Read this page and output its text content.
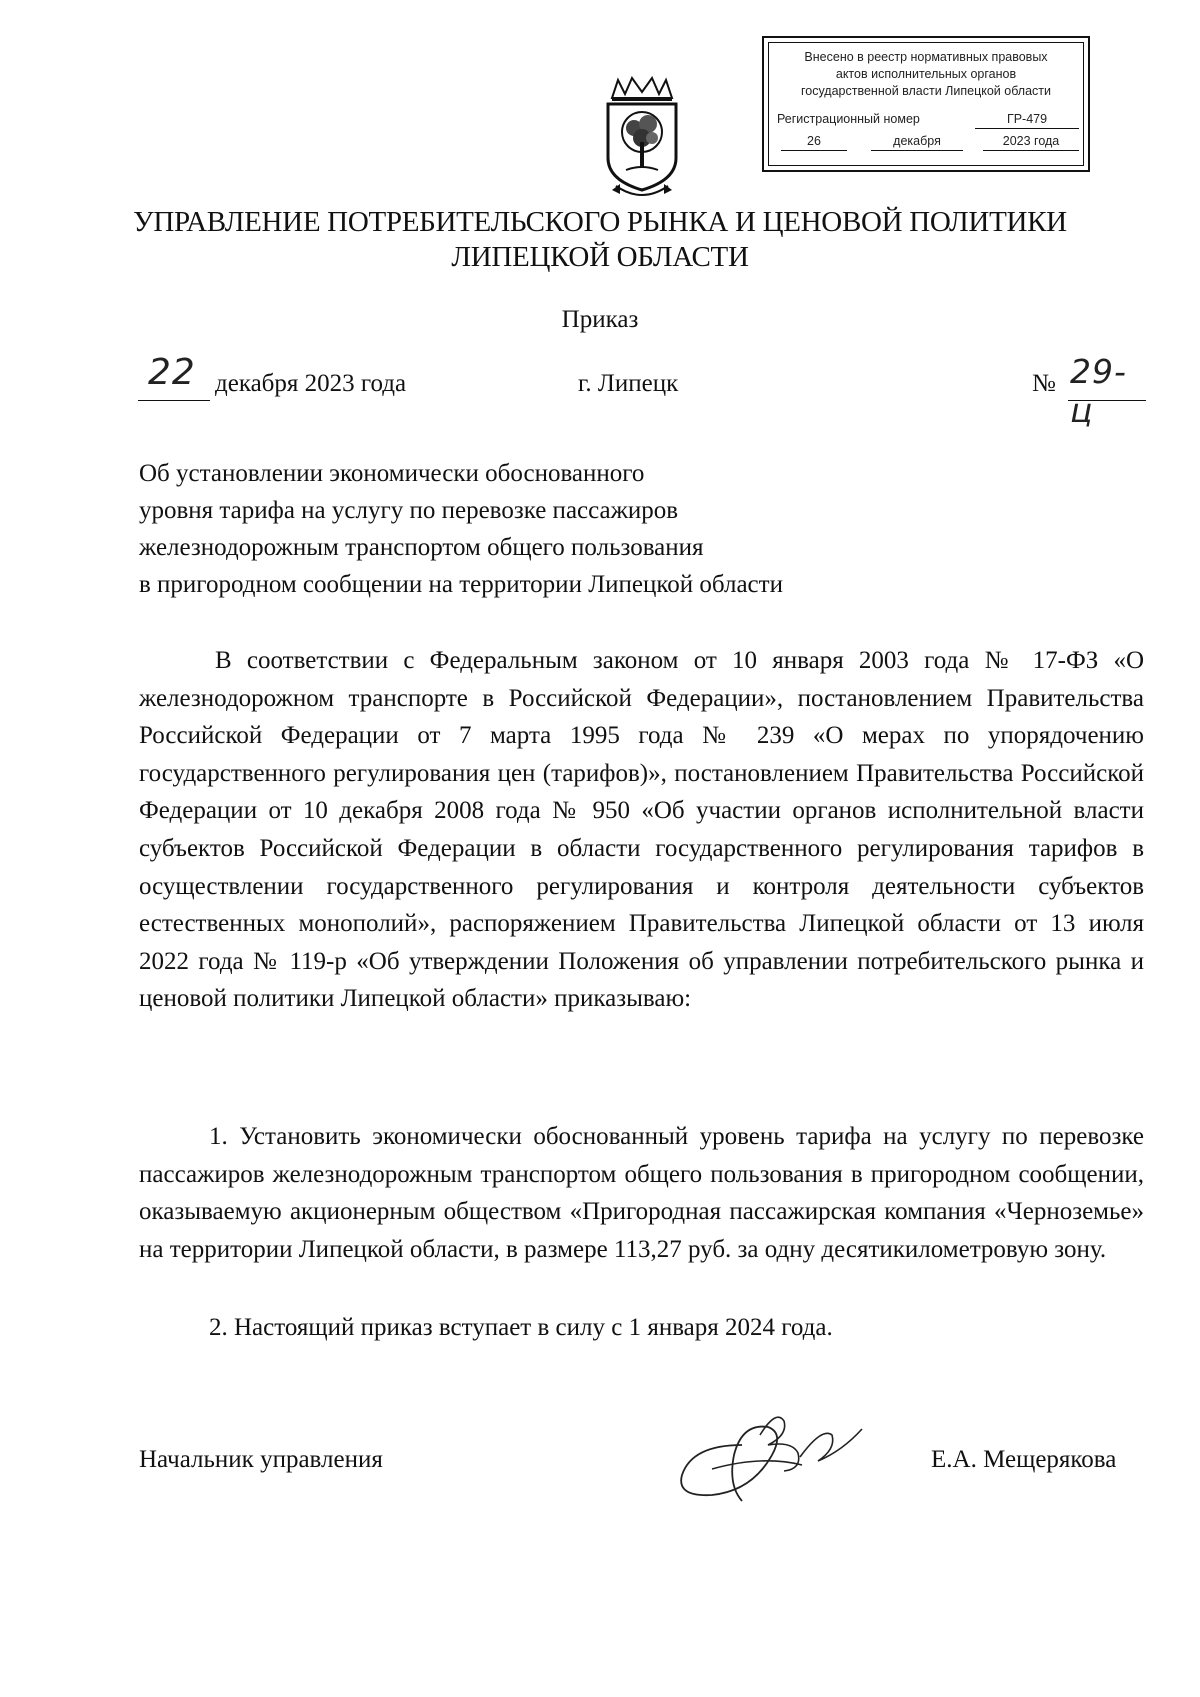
Внесено в реестр нормативных правовых
актов исполнительных органов
государственной власти Липецкой области
Регистрационный номер	ГР-479
26	декабря	2023 года
УПРАВЛЕНИЕ ПОТРЕБИТЕЛЬСКОГО РЫНКА И ЦЕНОВОЙ ПОЛИТИКИ
ЛИПЕЦКОЙ ОБЛАСТИ
Приказ
22 декабря 2023 года	г. Липецк	№ 29-ц
Об установлении экономически обоснованного
уровня тарифа на услугу по перевозке пассажиров
железнодорожным транспортом общего пользования
в пригородном сообщении на территории Липецкой области
В соответствии с Федеральным законом от 10 января 2003 года № 17-ФЗ «О железнодорожном транспорте в Российской Федерации», постановлением Правительства Российской Федерации от 7 марта 1995 года № 239 «О мерах по упорядочению государственного регулирования цен (тарифов)», постановлением Правительства Российской Федерации от 10 декабря 2008 года № 950 «Об участии органов исполнительной власти субъектов Российской Федерации в области государственного регулирования тарифов в осуществлении государственного регулирования и контроля деятельности субъектов естественных монополий», распоряжением Правительства Липецкой области от 13 июля 2022 года № 119-р «Об утверждении Положения об управлении потребительского рынка и ценовой политики Липецкой области» приказываю:
1. Установить экономически обоснованный уровень тарифа на услугу по перевозке пассажиров железнодорожным транспортом общего пользования в пригородном сообщении, оказываемую акционерным обществом «Пригородная пассажирская компания «Черноземье» на территории Липецкой области, в размере 113,27 руб. за одну десятикилометровую зону.
2. Настоящий приказ вступает в силу с 1 января 2024 года.
Начальник управления	Е.А. Мещерякова
